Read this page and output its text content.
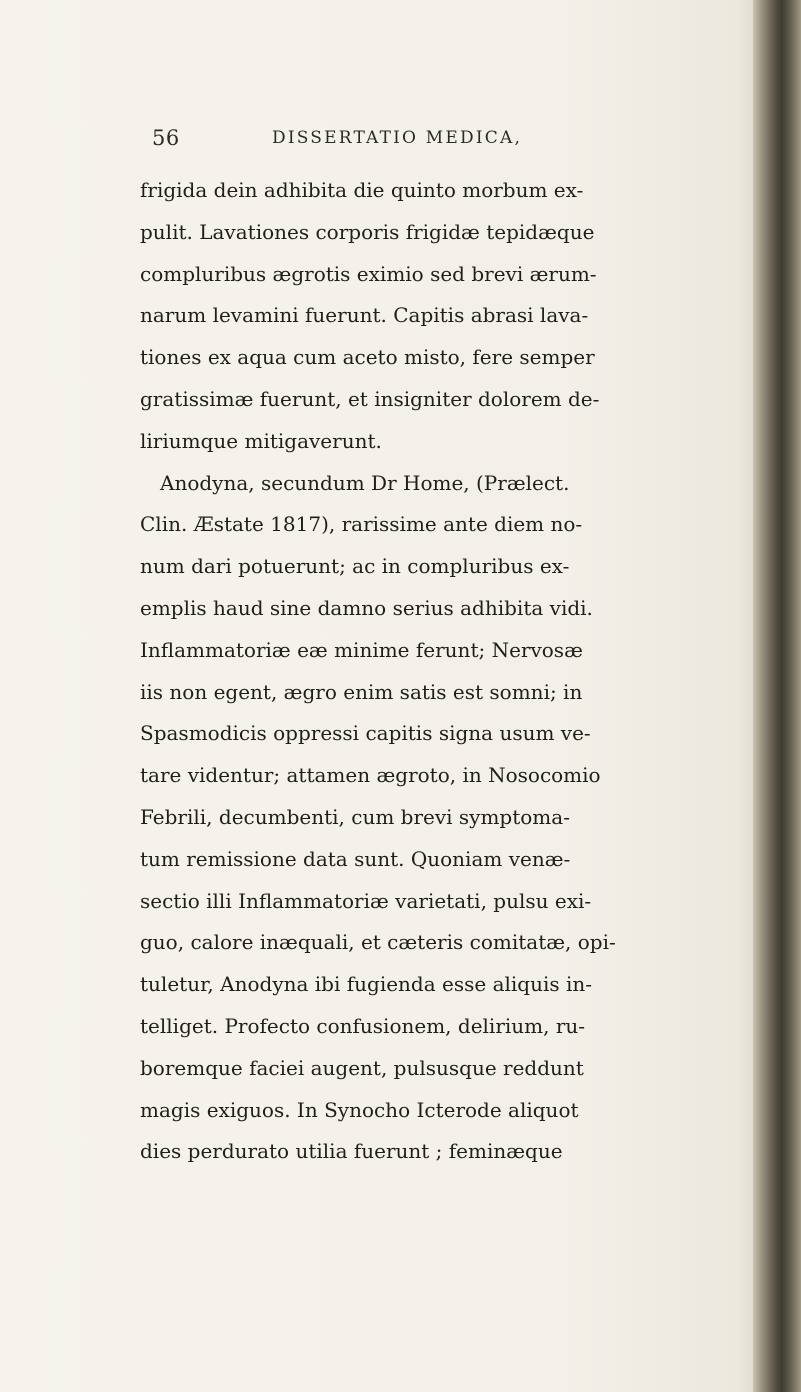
56	DISSERTATIO MEDICA,
frigida dein adhibita die quinto morbum ex-
pulit. Lavationes corporis frigidæ tepidæque
compluribus ægrotis eximio sed brevi ærum-
narum levamini fuerunt. Capitis abrasi lava-
tiones ex aqua cum aceto misto, fere semper
gratissimæ fuerunt, et insigniter dolorem de-
liriumque mitigaverunt.
Anodyna, secundum Dr Home, (Prælect.
Clin. Æstate 1817), rarissime ante diem no-
num dari potuerunt; ac in compluribus ex-
emplis haud sine damno serius adhibita vidi.
Inflammatoriæ eæ minime ferunt; Nervosæ
iis non egent, ægro enim satis est somni; in
Spasmodicis oppressi capitis signa usum ve-
tare videntur; attamen ægroto, in Nosocomio
Febrili, decumbenti, cum brevi symptoma-
tum remissione data sunt. Quoniam venæ-
sectio illi Inflammatoriæ varietati, pulsu exi-
guo, calore inæquali, et cæteris comitatæ, opi-
tuletur, Anodyna ibi fugienda esse aliquis in-
telliget. Profecto confusionem, delirium, ru-
boremque faciei augent, pulsusque reddunt
magis exiguos. In Synocho Icterode aliquot
dies perdurato utilia fuerunt ; feminæque
